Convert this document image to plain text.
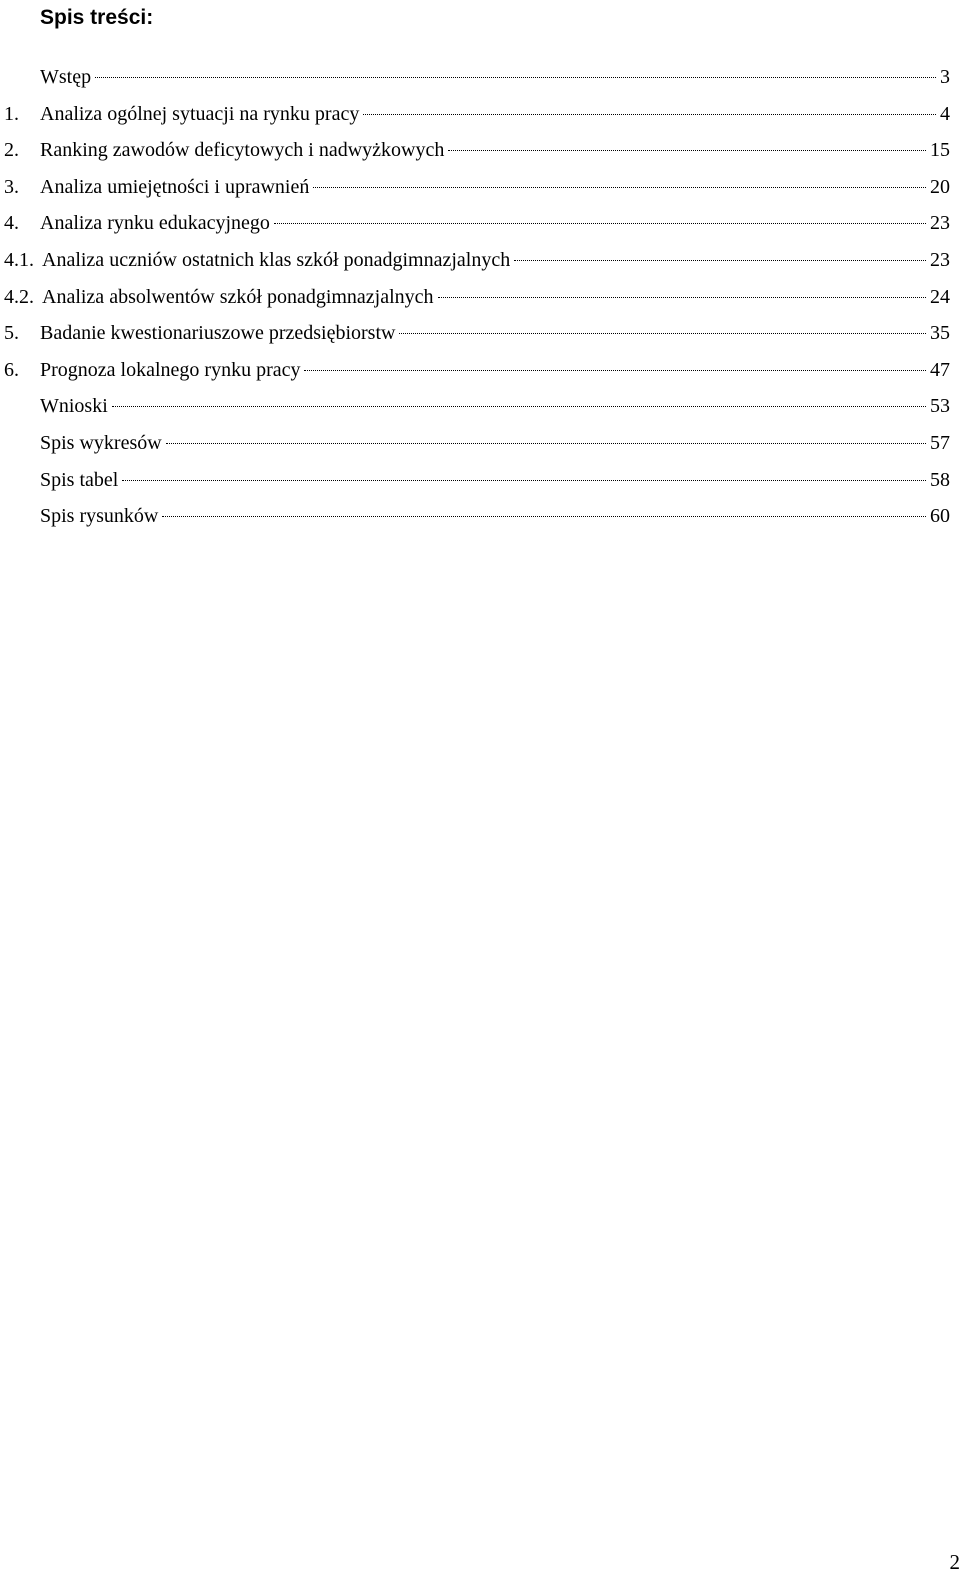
Spis treści:
Wstęp	3
1.	Analiza ogólnej sytuacji na rynku pracy	4
2.	Ranking zawodów deficytowych i nadwyżkowych	15
3.	Analiza umiejętności i uprawnień	20
4.	Analiza rynku edukacyjnego	23
4.1. Analiza uczniów ostatnich klas szkół ponadgimnazjalnych	23
4.2. Analiza absolwentów szkół ponadgimnazjalnych	24
5.	Badanie kwestionariuszowe przedsiębiorstw	35
6.	Prognoza lokalnego rynku pracy	47
Wnioski	53
Spis wykresów	57
Spis tabel	58
Spis rysunków	60
2
